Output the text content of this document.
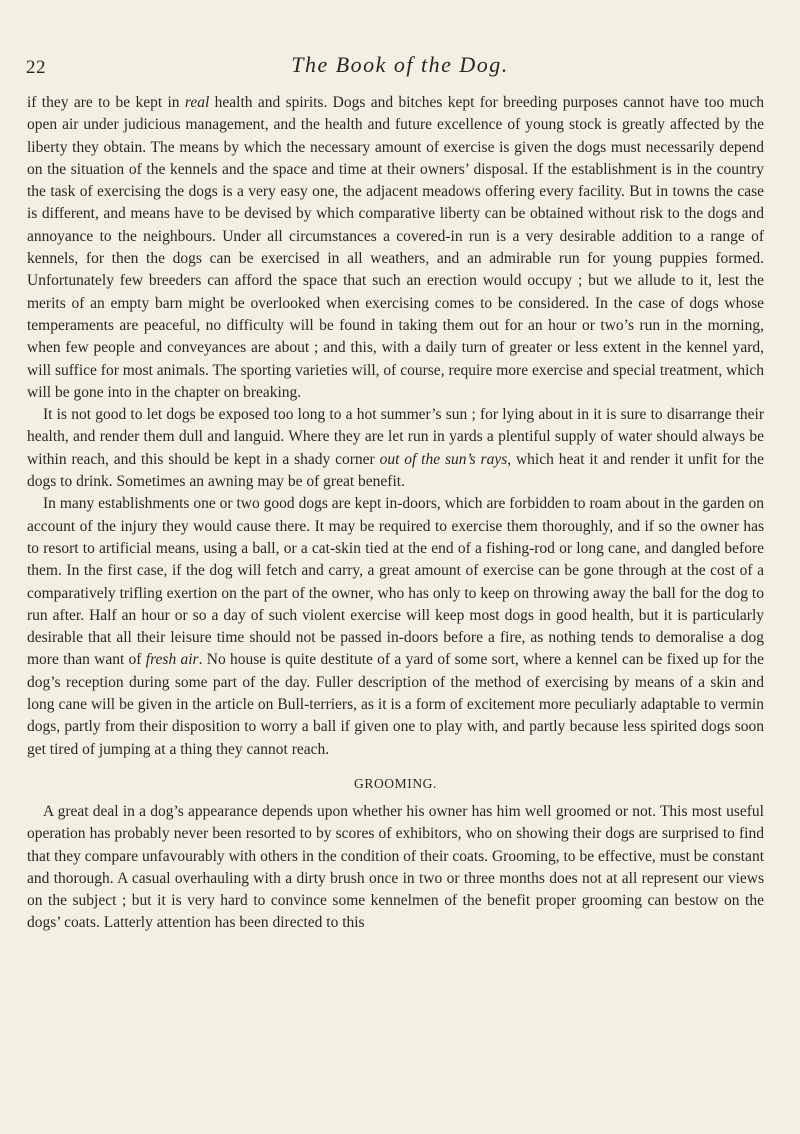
22	The Book of the Dog.

if they are to be kept in real health and spirits. Dogs and bitches kept for breeding purposes cannot have too much open air under judicious management, and the health and future excellence of young stock is greatly affected by the liberty they obtain. The means by which the necessary amount of exercise is given the dogs must necessarily depend on the situation of the kennels and the space and time at their owners’ disposal. If the establishment is in the country the task of exercising the dogs is a very easy one, the adjacent meadows offering every facility. But in towns the case is different, and means have to be devised by which comparative liberty can be obtained without risk to the dogs and annoyance to the neighbours. Under all circumstances a covered-in run is a very desirable addition to a range of kennels, for then the dogs can be exercised in all weathers, and an admirable run for young puppies formed. Unfortunately few breeders can afford the space that such an erection would occupy ; but we allude to it, lest the merits of an empty barn might be overlooked when exercising comes to be considered. In the case of dogs whose temperaments are peaceful, no difficulty will be found in taking them out for an hour or two’s run in the morning, when few people and conveyances are about ; and this, with a daily turn of greater or less extent in the kennel yard, will suffice for most animals. The sporting varieties will, of course, require more exercise and special treatment, which will be gone into in the chapter on breaking.

It is not good to let dogs be exposed too long to a hot summer’s sun ; for lying about in it is sure to disarrange their health, and render them dull and languid. Where they are let run in yards a plentiful supply of water should always be within reach, and this should be kept in a shady corner out of the sun’s rays, which heat it and render it unfit for the dogs to drink. Sometimes an awning may be of great benefit.

In many establishments one or two good dogs are kept in-doors, which are forbidden to roam about in the garden on account of the injury they would cause there. It may be required to exercise them thoroughly, and if so the owner has to resort to artificial means, using a ball, or a cat-skin tied at the end of a fishing-rod or long cane, and dangled before them. In the first case, if the dog will fetch and carry, a great amount of exercise can be gone through at the cost of a comparatively trifling exertion on the part of the owner, who has only to keep on throwing away the ball for the dog to run after. Half an hour or so a day of such violent exercise will keep most dogs in good health, but it is particularly desirable that all their leisure time should not be passed in-doors before a fire, as nothing tends to demoralise a dog more than want of fresh air. No house is quite destitute of a yard of some sort, where a kennel can be fixed up for the dog’s reception during some part of the day. Fuller description of the method of exercising by means of a skin and long cane will be given in the article on Bull-terriers, as it is a form of excitement more peculiarly adaptable to vermin dogs, partly from their disposition to worry a ball if given one to play with, and partly because less spirited dogs soon get tired of jumping at a thing they cannot reach.

GROOMING.

A great deal in a dog’s appearance depends upon whether his owner has him well groomed or not. This most useful operation has probably never been resorted to by scores of exhibitors, who on showing their dogs are surprised to find that they compare unfavourably with others in the condition of their coats. Grooming, to be effective, must be constant and thorough. A casual overhauling with a dirty brush once in two or three months does not at all represent our views on the subject ; but it is very hard to convince some kennelmen of the benefit proper grooming can bestow on the dogs’ coats. Latterly attention has been directed to this
